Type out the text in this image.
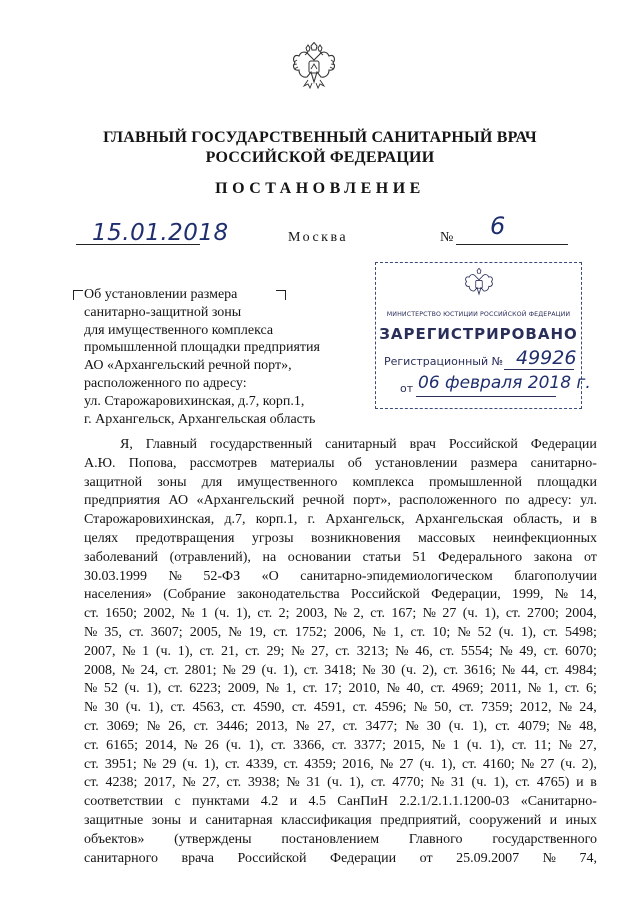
ГЛАВНЫЙ ГОСУДАРСТВЕННЫЙ САНИТАРНЫЙ ВРАЧ
РОССИЙСКОЙ ФЕДЕРАЦИИ
ПОСТАНОВЛЕНИЕ
15.01.2018	Москва	№ 6
Об установлении размера
санитарно-защитной зоны
для имущественного комплекса
промышленной площадки предприятия
АО «Архангельский речной порт»,
расположенного по адресу:
ул. Старожаровихинская, д.7, корп.1,
г. Архангельск, Архангельская область
МИНИСТЕРСТВО ЮСТИЦИИ РОССИЙСКОЙ ФЕДЕРАЦИИ
ЗАРЕГИСТРИРОВАНО
Регистрационный № 49926
от 06 февраля 2018 г.
Я, Главный государственный санитарный врач Российской Федерации
А.Ю. Попова, рассмотрев материалы об установлении размера санитарно-
защитной зоны для имущественного комплекса промышленной площадки
предприятия АО «Архангельский речной порт», расположенного по адресу: ул.
Старожаровихинская, д.7, корп.1, г. Архангельск, Архангельская область, и в
целях предотвращения угрозы возникновения массовых неинфекционных
заболеваний (отравлений), на основании статьи 51 Федерального закона от
30.03.1999 № 52-ФЗ «О санитарно-эпидемиологическом благополучии
населения» (Собрание законодательства Российской Федерации, 1999, № 14,
ст. 1650; 2002, № 1 (ч. 1), ст. 2; 2003, № 2, ст. 167; № 27 (ч. 1), ст. 2700; 2004,
№ 35, ст. 3607; 2005, № 19, ст. 1752; 2006, № 1, ст. 10; № 52 (ч. 1), ст. 5498;
2007, № 1 (ч. 1), ст. 21, ст. 29; № 27, ст. 3213; № 46, ст. 5554; № 49, ст. 6070;
2008, № 24, ст. 2801; № 29 (ч. 1), ст. 3418; № 30 (ч. 2), ст. 3616; № 44, ст. 4984;
№ 52 (ч. 1), ст. 6223; 2009, № 1, ст. 17; 2010, № 40, ст. 4969; 2011, № 1, ст. 6;
№ 30 (ч. 1), ст. 4563, ст. 4590, ст. 4591, ст. 4596; № 50, ст. 7359; 2012, № 24,
ст. 3069; № 26, ст. 3446; 2013, № 27, ст. 3477; № 30 (ч. 1), ст. 4079; № 48,
ст. 6165; 2014, № 26 (ч. 1), ст. 3366, ст. 3377; 2015, № 1 (ч. 1), ст. 11; № 27,
ст. 3951; № 29 (ч. 1), ст. 4339, ст. 4359; 2016, № 27 (ч. 1), ст. 4160; № 27 (ч. 2),
ст. 4238; 2017, № 27, ст. 3938; № 31 (ч. 1), ст. 4770; № 31 (ч. 1), ст. 4765) и в
соответствии с пунктами 4.2 и 4.5 СанПиН 2.2.1/2.1.1.1200-03 «Санитарно-
защитные зоны и санитарная классификация предприятий, сооружений и иных
объектов» (утверждены постановлением Главного государственного
санитарного врача Российской Федерации от 25.09.2007 № 74,
